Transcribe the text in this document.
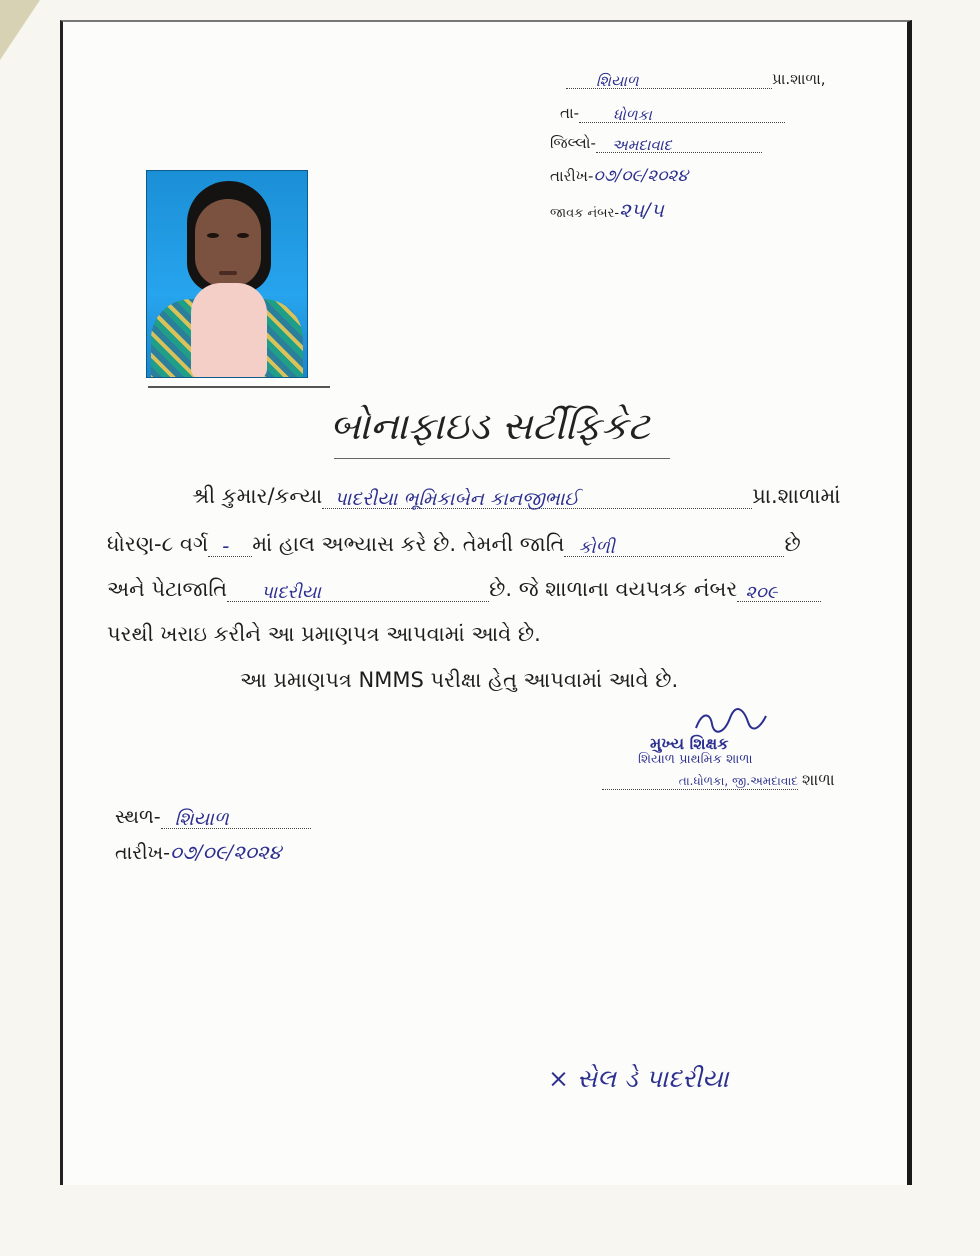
શિયાળ	પ્રા.શાળા,
તા- ધોળકા
જિલ્લો- અમદાવાદ
તારીખ-૦૭/૦૯/૨૦૨૪
જાવક નંબર-૨૫/૫
બોનાફાઇડ સર્ટીફિકેટ
શ્રી કુમાર/કન્યા પાદરીયા ભૂમિકાબેન કાનજીભાઈ	પ્રા.શાળામાં
ધોરણ-૮ વર્ગ - માં હાલ અભ્યાસ કરે છે. તેમની જાતિ કોળી	છે
અને પેટાજાતિ પાદરીયા	છે. જે શાળાના વયપત્રક નંબર ૨૦૯
પરથી ખરાઇ કરીને આ પ્રમાણપત્ર આપવામાં આવે છે.
આ પ્રમાણપત્ર NMMS પરીક્ષા હેતુ આપવામાં આવે છે.
મુખ્ય શિક્ષક
શિયાળ પ્રાથમિક શાળા
તા.ધોળકા, જી.અમદાવાદ શાળા
સ્થળ- શિયાળ
તારીખ-૦૭/૦૯/૨૦૨૪
× સેલ ડે પાદરીયા
